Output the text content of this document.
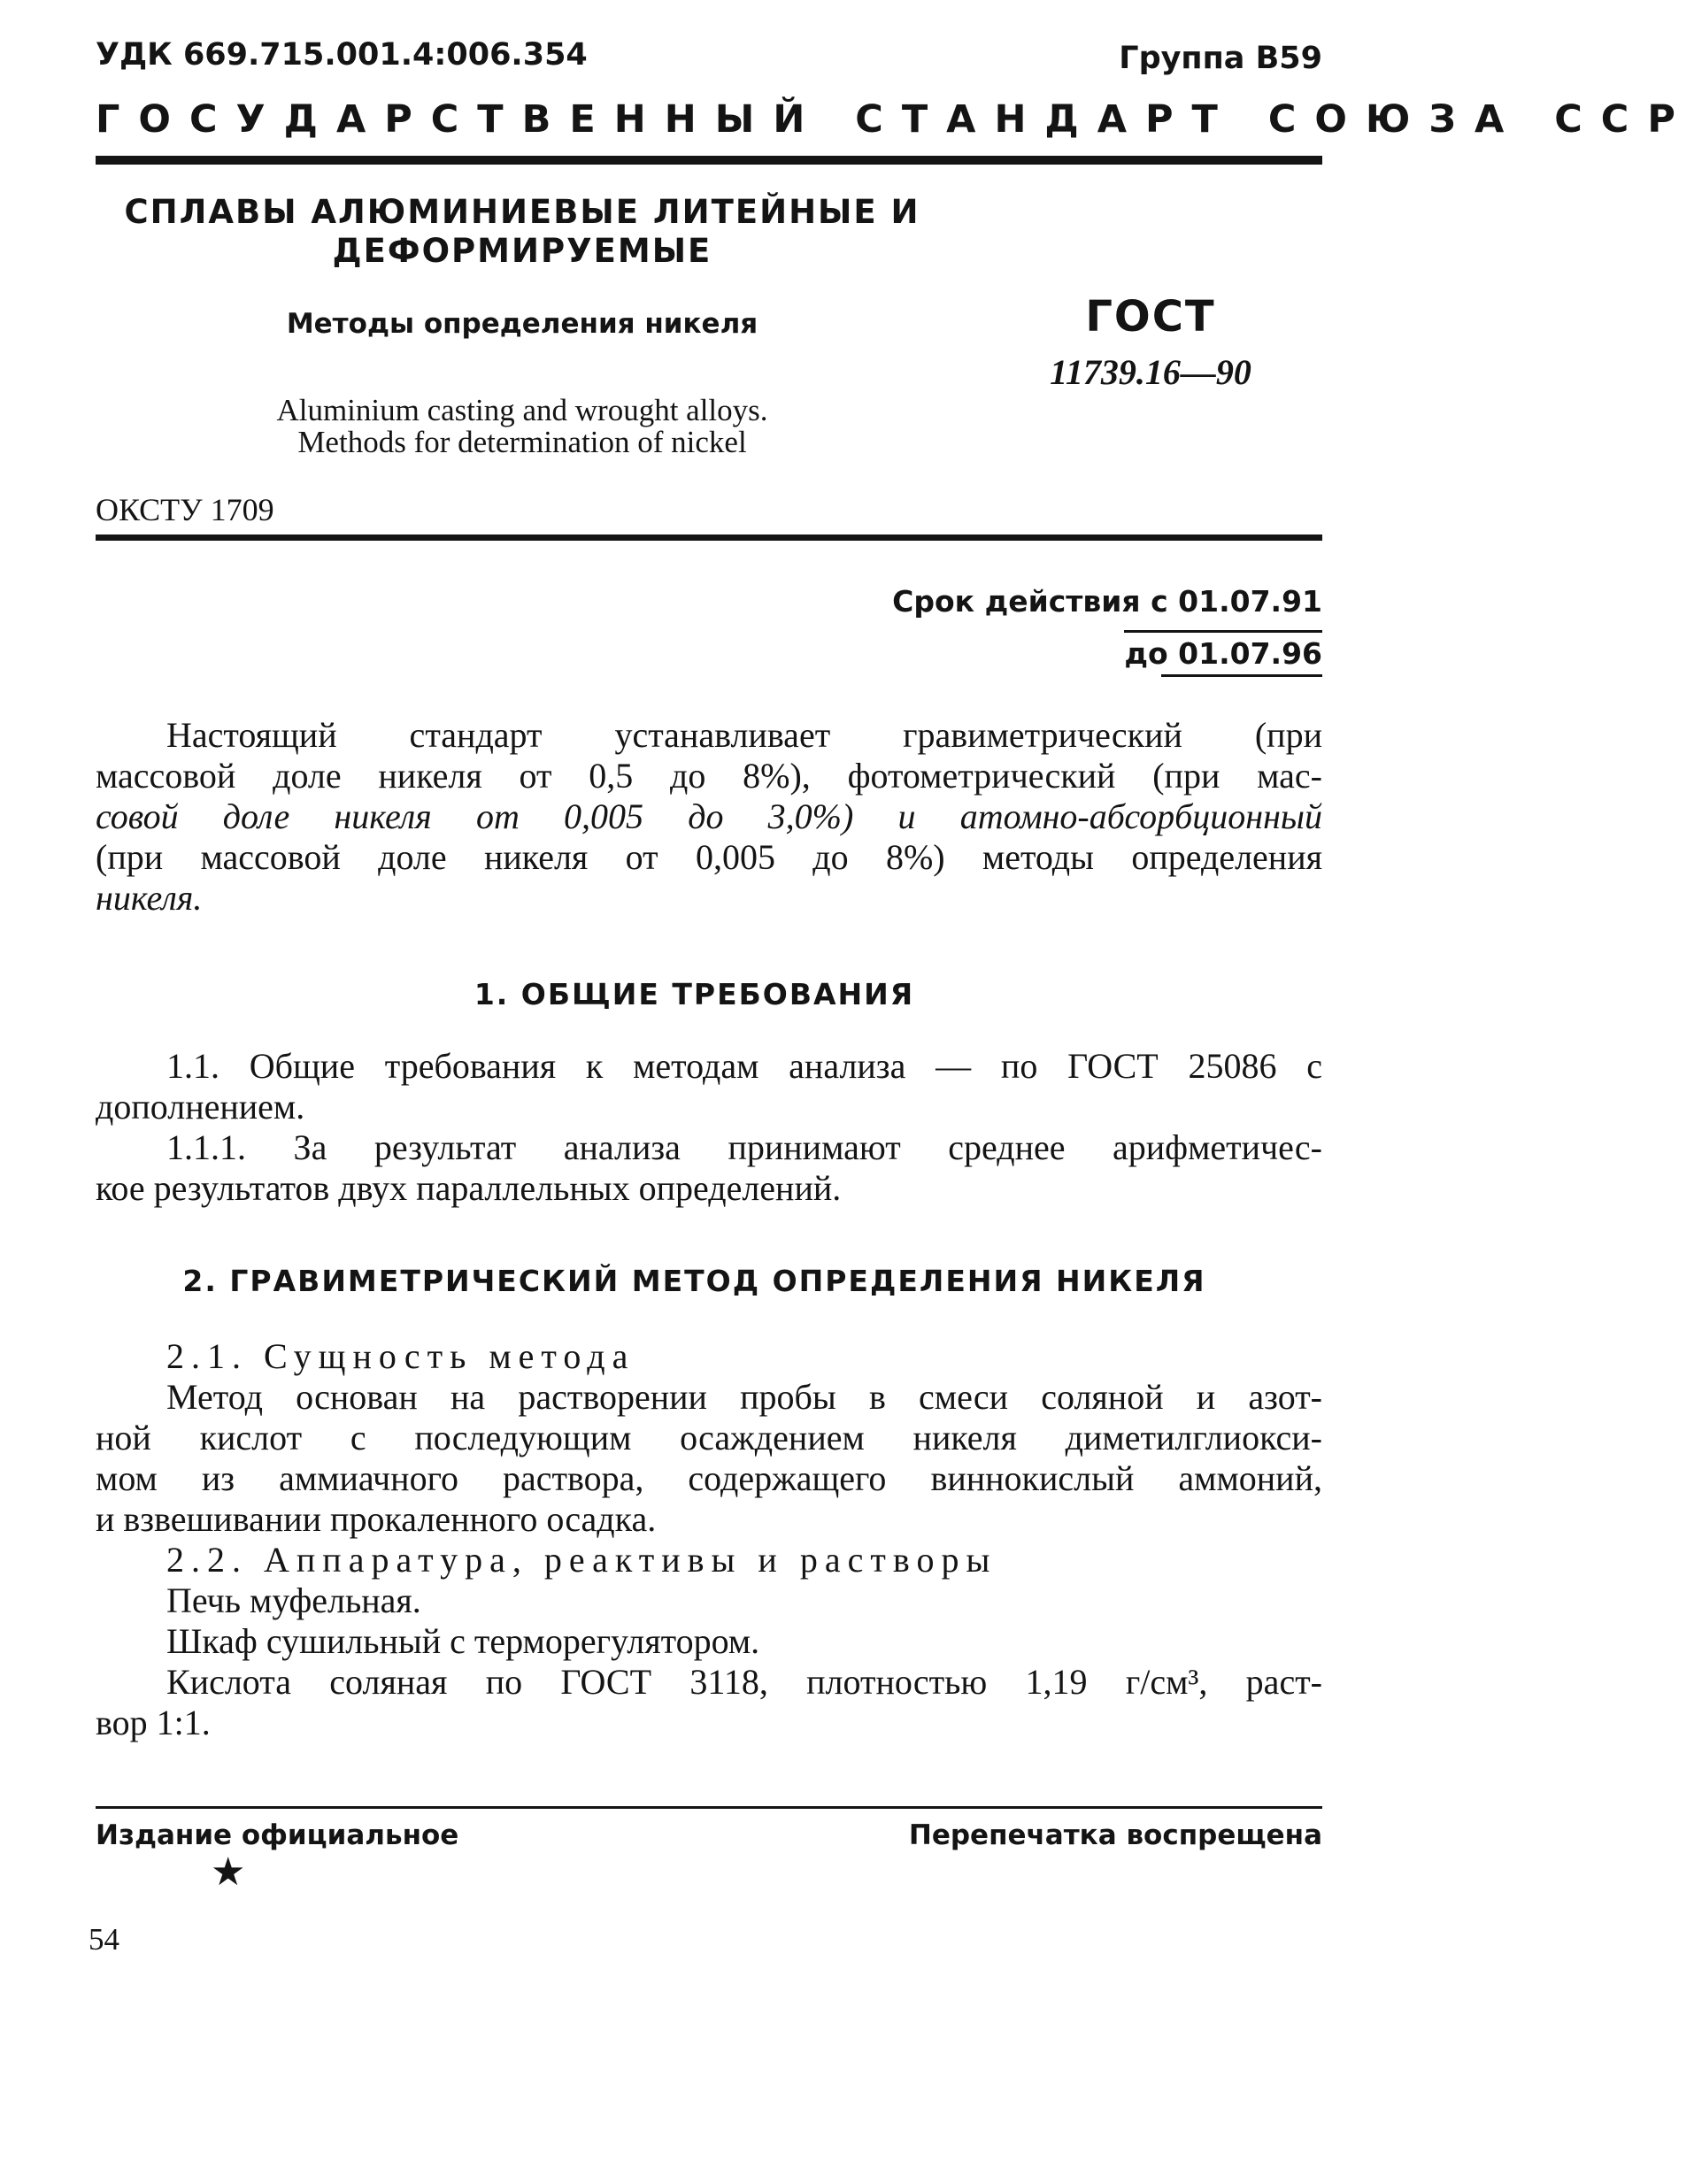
УДК 669.715.001.4:006.354	Группа В59
ГОСУДАРСТВЕННЫЙ СТАНДАРТ СОЮЗА ССР
СПЛАВЫ АЛЮМИНИЕВЫЕ ЛИТЕЙНЫЕ И
ДЕФОРМИРУЕМЫЕ
Методы определения никеля
Aluminium casting and wrought alloys.
Methods for determination of nickel
ГОСТ
11739.16—90
ОКСТУ 1709
Срок действия с 01.07.91
до 01.07.96
Настоящий стандарт устанавливает гравиметрический (при
массовой доле никеля от 0,5 до 8%), фотометрический (при мас-
совой доле никеля от 0,005 до 3,0%) и атомно-абсорбционный
(при массовой доле никеля от 0,005 до 8%) методы определения
никеля.
1. ОБЩИЕ ТРЕБОВАНИЯ
1.1. Общие требования к методам анализа — по ГОСТ 25086 с
дополнением.
1.1.1. За результат анализа принимают среднее арифметичес-
кое результатов двух параллельных определений.
2. ГРАВИМЕТРИЧЕСКИЙ МЕТОД ОПРЕДЕЛЕНИЯ НИКЕЛЯ
2.1. Сущность метода
Метод основан на растворении пробы в смеси соляной и азот-
ной кислот с последующим осаждением никеля диметилглиокси-
мом из аммиачного раствора, содержащего виннокислый аммоний,
и взвешивании прокаленного осадка.
2.2. Аппаратура, реактивы и растворы
Печь муфельная.
Шкаф сушильный с терморегулятором.
Кислота соляная по ГОСТ 3118, плотностью 1,19 г/см³, раст-
вор 1:1.
Издание официальное	Перепечатка воспрещена
★
54
